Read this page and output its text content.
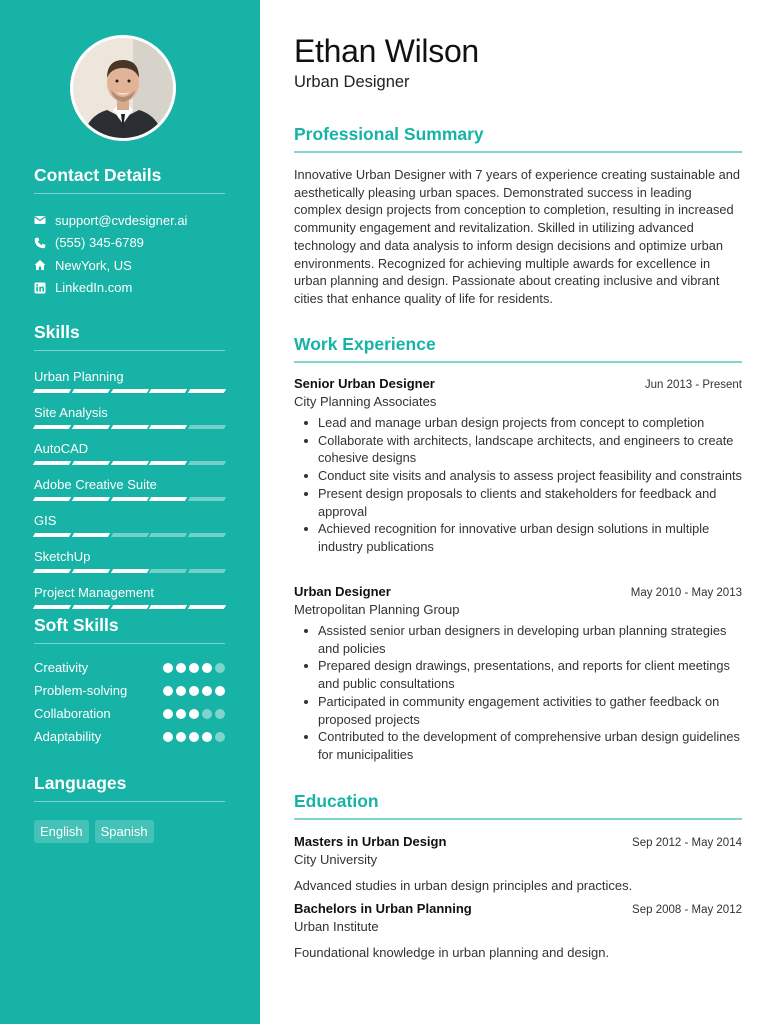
Contact Details
support@cvdesigner.ai
(555) 345-6789
NewYork, US
LinkedIn.com
Skills
Urban Planning
Site Analysis
AutoCAD
Adobe Creative Suite
GIS
SketchUp
Project Management
Soft Skills
Creativity
Problem-solving
Collaboration
Adaptability
Languages
English	Spanish
Ethan Wilson
Urban Designer
Professional Summary

Innovative Urban Designer with 7 years of experience creating sustainable and aesthetically pleasing urban spaces. Demonstrated success in leading complex design projects from conception to completion, resulting in increased community engagement and revitalization. Skilled in utilizing advanced technology and data analysis to inform design decisions and optimize urban environments. Recognized for achieving multiple awards for excellence in urban planning and design. Passionate about creating inclusive and vibrant cities that enhance quality of life for residents.

Work Experience
Senior Urban Designer	Jun 2013 - Present
City Planning Associates
Lead and manage urban design projects from concept to completion
Collaborate with architects, landscape architects, and engineers to create cohesive designs
Conduct site visits and analysis to assess project feasibility and constraints
Present design proposals to clients and stakeholders for feedback and approval
Achieved recognition for innovative urban design solutions in multiple industry publications
Urban Designer	May 2010 - May 2013
Metropolitan Planning Group
Assisted senior urban designers in developing urban planning strategies and policies
Prepared design drawings, presentations, and reports for client meetings and public consultations
Participated in community engagement activities to gather feedback on proposed projects
Contributed to the development of comprehensive urban design guidelines for municipalities
Education
Masters in Urban Design	Sep 2012 - May 2014
City University
Advanced studies in urban design principles and practices.
Bachelors in Urban Planning	Sep 2008 - May 2012
Urban Institute
Foundational knowledge in urban planning and design.
